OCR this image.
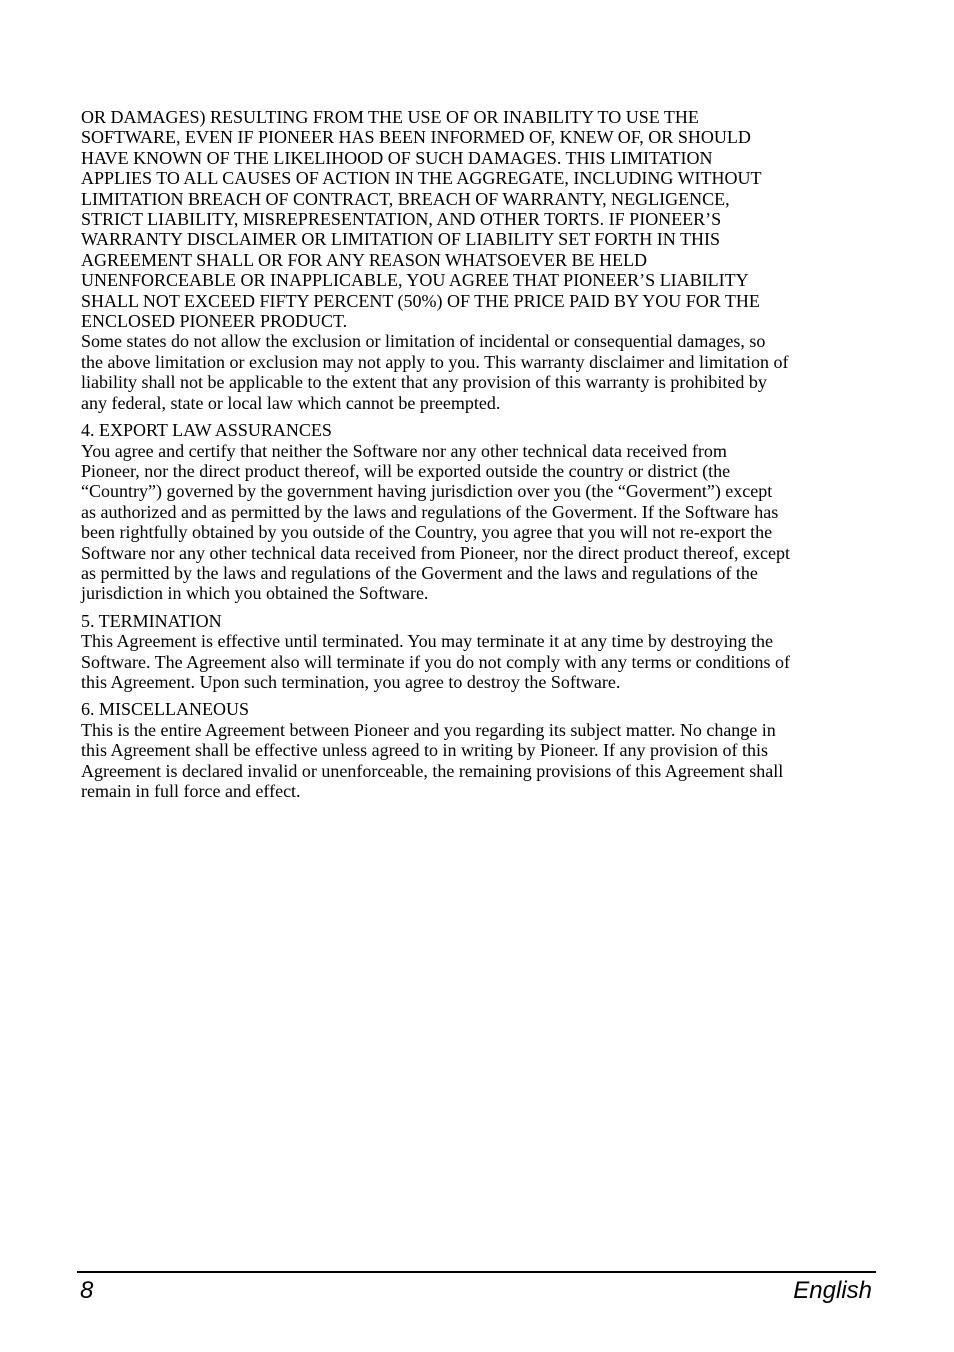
OR DAMAGES) RESULTING FROM THE USE OF OR INABILITY TO USE THE

SOFTWARE, EVEN IF PIONEER HAS BEEN INFORMED OF, KNEW OF, OR SHOULD

HAVE KNOWN OF THE LIKELIHOOD OF SUCH DAMAGES. THIS LIMITATION

APPLIES TO ALL CAUSES OF ACTION IN THE AGGREGATE, INCLUDING WITHOUT

LIMITATION BREACH OF CONTRACT, BREACH OF WARRANTY, NEGLIGENCE,

STRICT LIABILITY, MISREPRESENTATION, AND OTHER TORTS. IF PIONEER’S

WARRANTY DISCLAIMER OR LIMITATION OF LIABILITY SET FORTH IN THIS

AGREEMENT SHALL OR FOR ANY REASON WHATSOEVER BE HELD

UNENFORCEABLE OR INAPPLICABLE, YOU AGREE THAT PIONEER’S LIABILITY

SHALL NOT EXCEED FIFTY PERCENT (50%) OF THE PRICE PAID BY YOU FOR THE

ENCLOSED PIONEER PRODUCT.

Some states do not allow the exclusion or limitation of incidental or consequential damages, so

the above limitation or exclusion may not apply to you. This warranty disclaimer and limitation of

liability shall not be applicable to the extent that any provision of this warranty is prohibited by

any federal, state or local law which cannot be preempted.

4. EXPORT LAW ASSURANCES

You agree and certify that neither the Software nor any other technical data received from

Pioneer, nor the direct product thereof, will be exported outside the country or district (the

“Country”) governed by the government having jurisdiction over you (the “Goverment”) except

as authorized and as permitted by the laws and regulations of the Goverment. If the Software has

been rightfully obtained by you outside of the Country, you agree that you will not re-export the

Software nor any other technical data received from Pioneer, nor the direct product thereof, except

as permitted by the laws and regulations of the Goverment and the laws and regulations of the

jurisdiction in which you obtained the Software.

5. TERMINATION

This Agreement is effective until terminated. You may terminate it at any time by destroying the

Software. The Agreement also will terminate if you do not comply with any terms or conditions of

this Agreement. Upon such termination, you agree to destroy the Software.

6. MISCELLANEOUS

This is the entire Agreement between Pioneer and you regarding its subject matter. No change in

this Agreement shall be effective unless agreed to in writing by Pioneer. If any provision of this

Agreement is declared invalid or unenforceable, the remaining provisions of this Agreement shall

remain in full force and effect.

8	English
